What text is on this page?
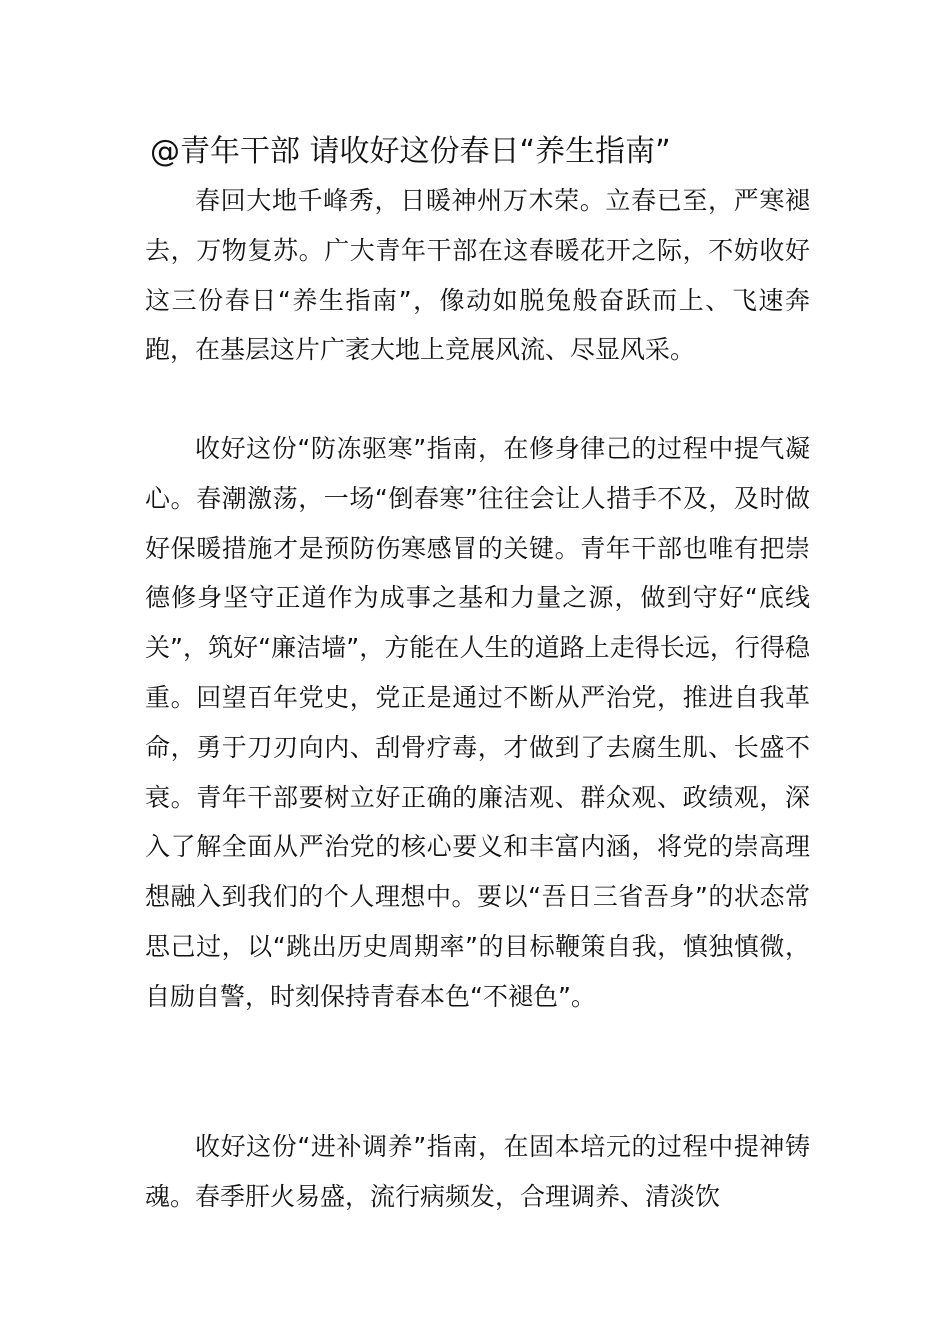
@青年干部 请收好这份春日“养生指南”

春回大地千峰秀，日暖神州万木荣。立春已至，严寒褪去，万物复苏。广大青年干部在这春暖花开之际，不妨收好这三份春日“养生指南”，像动如脱兔般奋跃而上、飞速奔跑，在基层这片广袤大地上竞展风流、尽显风采。

收好这份“防冻驱寒”指南，在修身律己的过程中提气凝心。春潮激荡，一场“倒春寒”往往会让人措手不及，及时做好保暖措施才是预防伤寒感冒的关键。青年干部也唯有把崇德修身坚守正道作为成事之基和力量之源，做到守好“底线关”，筑好“廉洁墙”，方能在人生的道路上走得长远，行得稳重。回望百年党史，党正是通过不断从严治党，推进自我革命，勇于刀刃向内、刮骨疗毒，才做到了去腐生肌、长盛不衰。青年干部要树立好正确的廉洁观、群众观、政绩观，深入了解全面从严治党的核心要义和丰富内涵，将党的崇高理想融入到我们的个人理想中。要以“吾日三省吾身”的状态常思己过，以“跳出历史周期率”的目标鞭策自我，慎独慎微，自励自警，时刻保持青春本色“不褪色”。

收好这份“进补调养”指南，在固本培元的过程中提神铸魂。春季肝火易盛，流行病频发，合理调养、清淡饮
